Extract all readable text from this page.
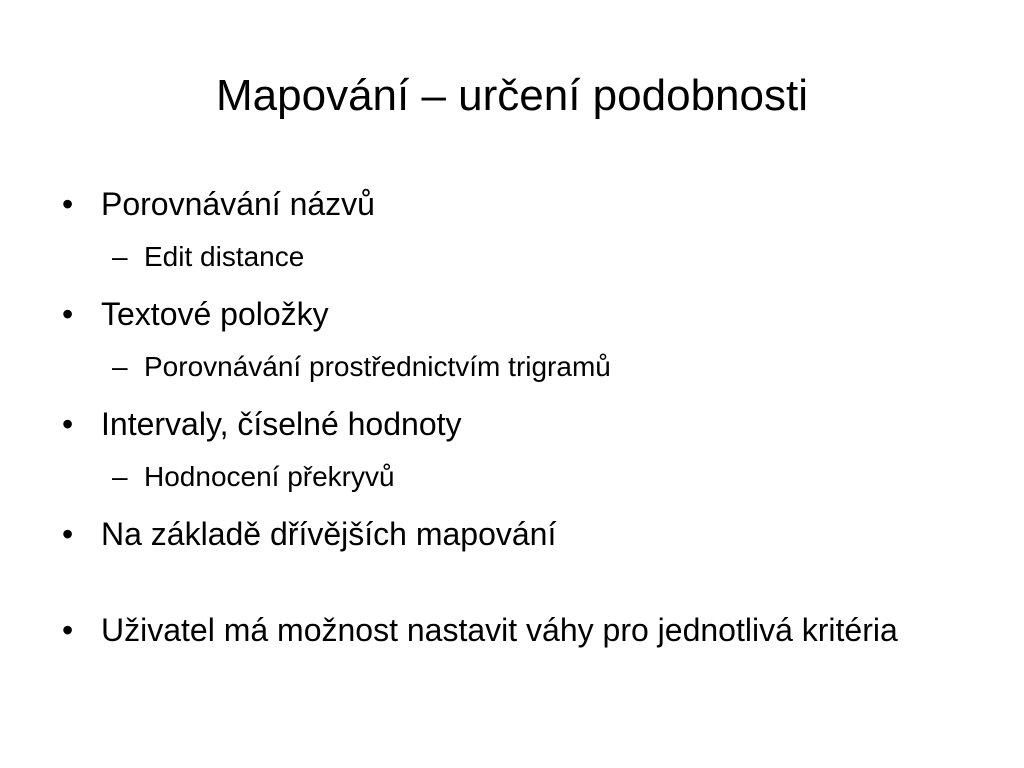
Mapování – určení podobnosti
• Porovnávání názvů
– Edit distance
• Textové položky
– Porovnávání prostřednictvím trigramů
• Intervaly, číselné hodnoty
– Hodnocení překryvů
• Na základě dřívějších mapování
• Uživatel má možnost nastavit váhy pro jednotlivá kritéria
